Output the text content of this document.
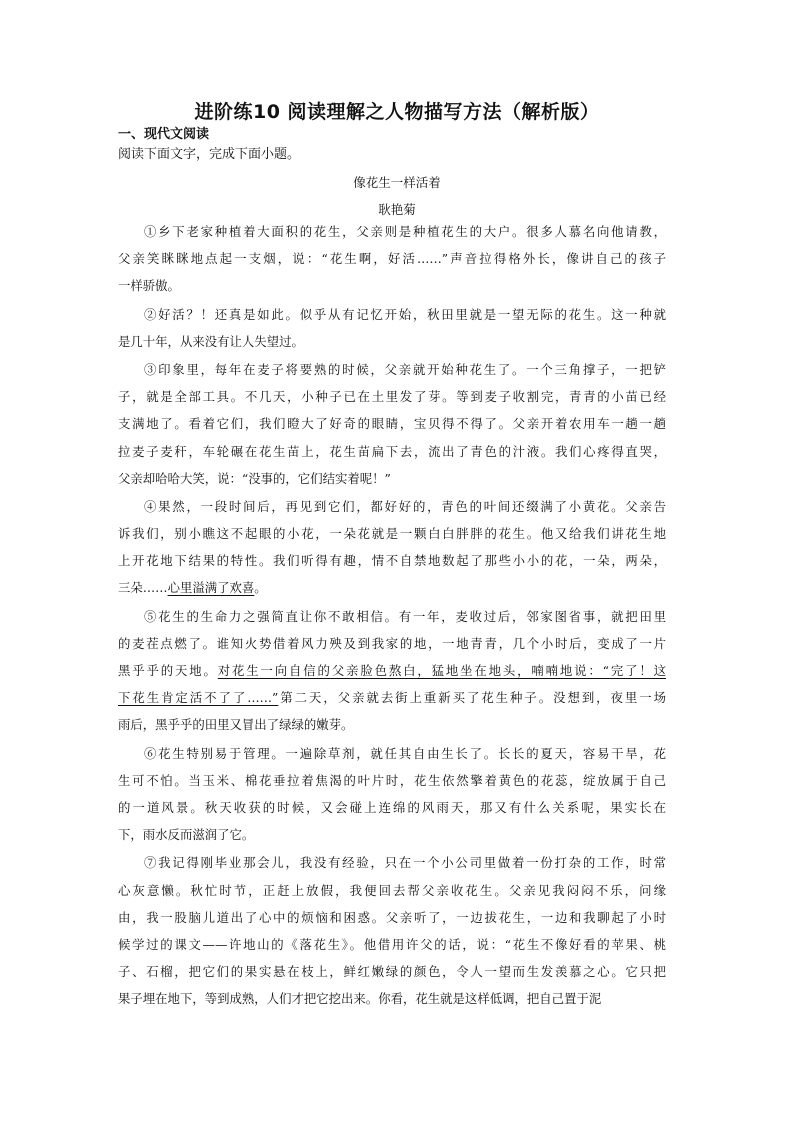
进阶练10 阅读理解之人物描写方法（解析版）
一、现代文阅读
阅读下面文字，完成下面小题。
像花生一样活着
耿艳菊
①乡下老家种植着大面积的花生，父亲则是种植花生的大户。很多人慕名向他请教，
父亲笑眯眯地点起一支烟，说：“花生啊，好活……”声音拉得格外长，像讲自己的孩子
一样骄傲。
②好活？！还真是如此。似乎从有记忆开始，秋田里就是一望无际的花生。这一种就
是几十年，从来没有让人失望过。
③印象里，每年在麦子将要熟的时候，父亲就开始种花生了。一个三角撑子，一把铲
子，就是全部工具。不几天，小种子已在土里发了芽。等到麦子收割完，青青的小苗已经
支满地了。看着它们，我们瞪大了好奇的眼睛，宝贝得不得了。父亲开着农用车一趟一趟
拉麦子麦秆，车轮碾在花生苗上，花生苗扁下去，流出了青色的汁液。我们心疼得直哭，
父亲却哈哈大笑，说：“没事的，它们结实着呢！”
④果然，一段时间后，再见到它们，都好好的，青色的叶间还缀满了小黄花。父亲告
诉我们，别小瞧这不起眼的小花，一朵花就是一颗白白胖胖的花生。他又给我们讲花生地
上开花地下结果的特性。我们听得有趣，情不自禁地数起了那些小小的花，一朵，两朵，
三朵……心里溢满了欢喜。
⑤花生的生命力之强简直让你不敢相信。有一年，麦收过后，邻家图省事，就把田里
的麦茬点燃了。谁知火势借着风力殃及到我家的地，一地青青，几个小时后，变成了一片
黑乎乎的天地。对花生一向自信的父亲脸色熬白，猛地坐在地头，喃喃地说：“完了！这
下花生肯定活不了了……”第二天，父亲就去街上重新买了花生种子。没想到，夜里一场
雨后，黑乎乎的田里又冒出了绿绿的嫩芽。
⑥花生特别易于管理。一遍除草剂，就任其自由生长了。长长的夏天，容易干旱，花
生可不怕。当玉米、棉花垂拉着焦渴的叶片时，花生依然擎着黄色的花蕊，绽放属于自己
的一道风景。秋天收获的时候，又会碰上连绵的风雨天，那又有什么关系呢，果实长在
下，雨水反而滋润了它。
⑦我记得刚毕业那会儿，我没有经验，只在一个小公司里做着一份打杂的工作，时常
心灰意懒。秋忙时节，正赶上放假，我便回去帮父亲收花生。父亲见我闷闷不乐，问缘
由，我一股脑儿道出了心中的烦恼和困惑。父亲听了，一边拔花生，一边和我聊起了小时
候学过的课文——许地山的《落花生》。他借用许父的话，说：“花生不像好看的苹果、桃
子、石榴，把它们的果实悬在枝上，鲜红嫩绿的颜色，令人一望而生发羡慕之心。它只把
果子埋在地下，等到成熟，人们才把它挖出来。你看，花生就是这样低调，把自己置于泥
